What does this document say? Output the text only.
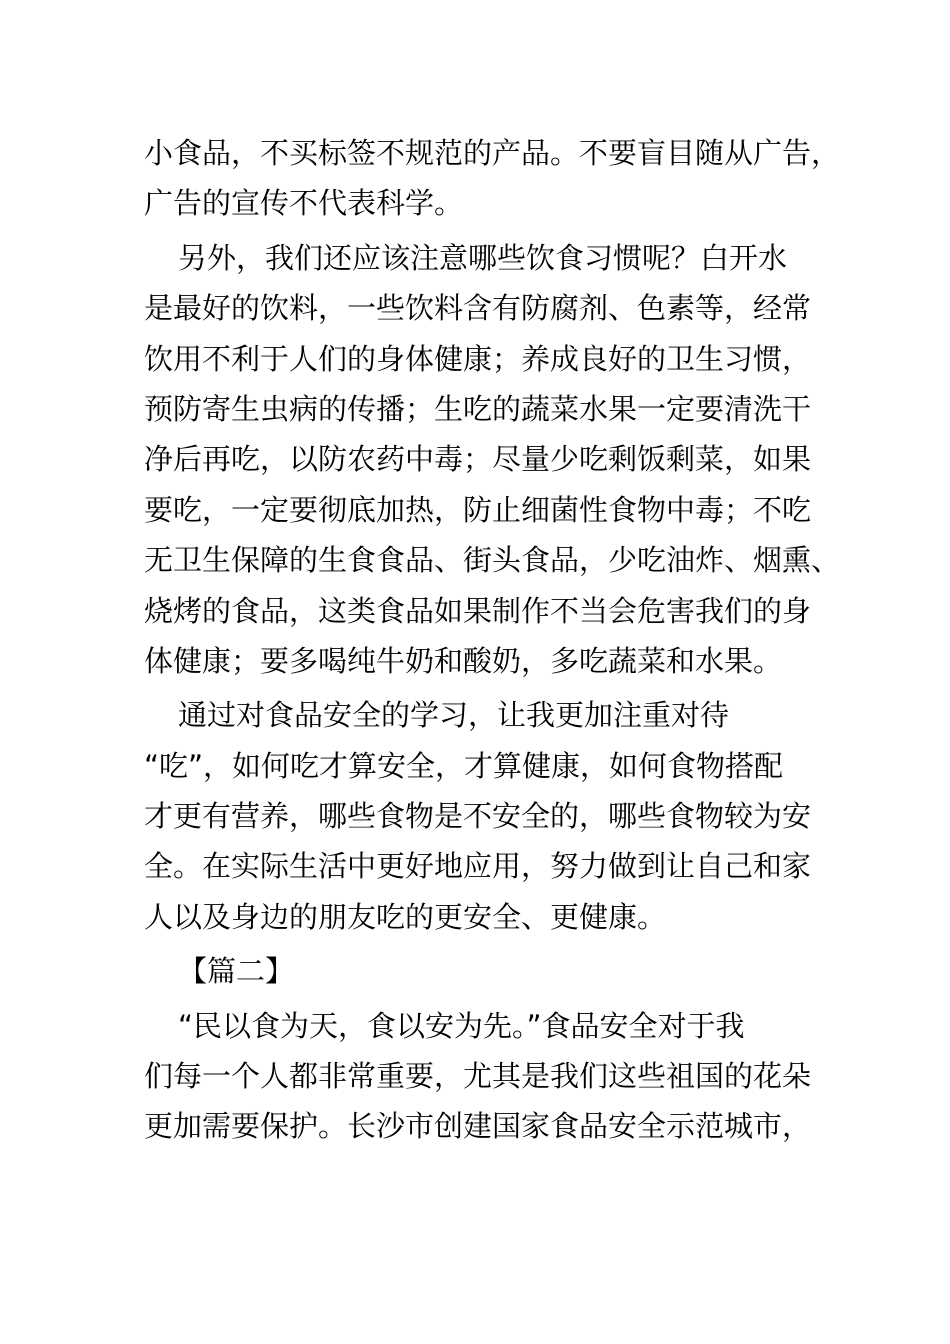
小食品，不买标签不规范的产品。不要盲目随从广告，
广告的宣传不代表科学。
另外，我们还应该注意哪些饮食习惯呢？白开水
是最好的饮料，一些饮料含有防腐剂、色素等，经常
饮用不利于人们的身体健康；养成良好的卫生习惯，
预防寄生虫病的传播；生吃的蔬菜水果一定要清洗干
净后再吃，以防农药中毒；尽量少吃剩饭剩菜，如果
要吃，一定要彻底加热，防止细菌性食物中毒；不吃
无卫生保障的生食食品、街头食品，少吃油炸、烟熏、
烧烤的食品，这类食品如果制作不当会危害我们的身
体健康；要多喝纯牛奶和酸奶，多吃蔬菜和水果。
通过对食品安全的学习，让我更加注重对待
“吃”，如何吃才算安全，才算健康，如何食物搭配
才更有营养，哪些食物是不安全的，哪些食物较为安
全。在实际生活中更好地应用，努力做到让自己和家
人以及身边的朋友吃的更安全、更健康。
【篇二】
“民以食为天，食以安为先。”食品安全对于我
们每一个人都非常重要，尤其是我们这些祖国的花朵
更加需要保护。长沙市创建国家食品安全示范城市，
